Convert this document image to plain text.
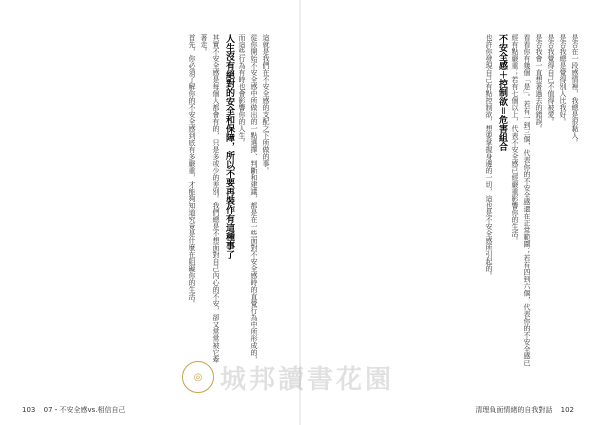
這就是我們在不安全感的支配之下所做的事。

從你開始不安全感中所做出的一點選擇、判斷和建議，都是在一些面對不安全感時的直覺行為中所形成的，而這些行為有時也會影響你的人生。

人生沒有絕對的安全和保障，所以不要再裝作有這種事了

其實不安全感是每個人都會有的，只是多或少的差別。我們總是不想面對自己內心的不安，卻又常常被它牽著走。

首先，你必須了解你的不安全感到底有多嚴重，才能夠知道究竟是什麼在阻礙你的生活。

103 07・不安全感vs.相信自己

是否在一段感情裡，我總是很黏人。

是否我總是覺得別人比我好。

是否我覺得自己不值得被愛。

是否我會一直想著過去的錯誤。

看看你有幾個「是」。若有一到三個，代表你的不安全感還在正常範圍；若有四到六個，代表你的不安全感已經有點嚴重；若有七個以上，代表不安全感已經嚴重影響你的生活。

不安全感＋控制欲＝危害組合

也許你發現自己有點控制欲，想要掌握身邊的一切，這也是不安全感所引起的。

清理負面情緒的自我對話 102
◎ 城邦讀書花園
